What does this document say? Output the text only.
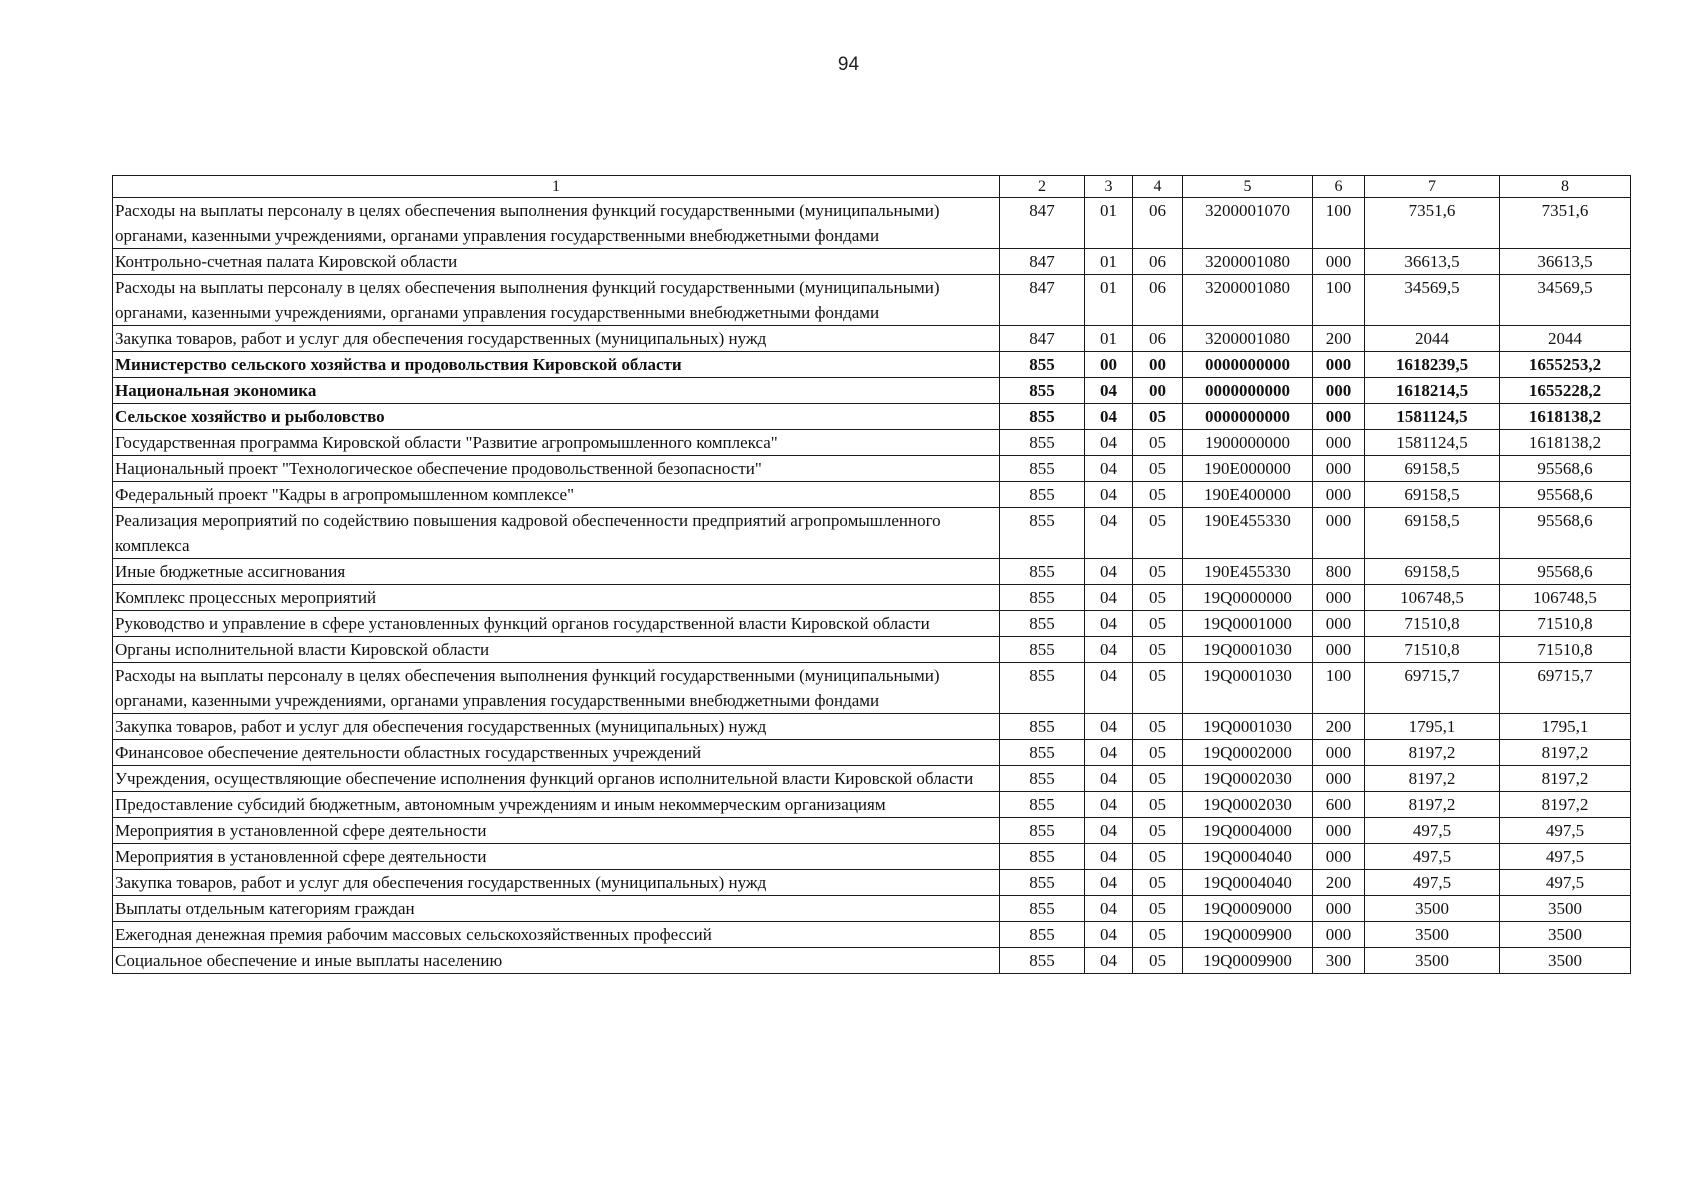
94
1	2	3	4	5	6	7	8
Расходы на выплаты персоналу в целях обеспечения выполнения функций государственными (муниципальными) органами, казенными учреждениями, органами управления государственными внебюджетными фондами	847	01	06	3200001070	100	7351,6	7351,6
Контрольно-счетная палата Кировской области	847	01	06	3200001080	000	36613,5	36613,5
Расходы на выплаты персоналу в целях обеспечения выполнения функций государственными (муниципальными) органами, казенными учреждениями, органами управления государственными внебюджетными фондами	847	01	06	3200001080	100	34569,5	34569,5
Закупка товаров, работ и услуг для обеспечения государственных (муниципальных) нужд	847	01	06	3200001080	200	2044	2044
Министерство сельского хозяйства и продовольствия Кировской области	855	00	00	0000000000	000	1618239,5	1655253,2
Национальная экономика	855	04	00	0000000000	000	1618214,5	1655228,2
Сельское хозяйство и рыболовство	855	04	05	0000000000	000	1581124,5	1618138,2
Государственная программа Кировской области "Развитие агропромышленного комплекса"	855	04	05	1900000000	000	1581124,5	1618138,2
Национальный проект "Технологическое обеспечение продовольственной безопасности"	855	04	05	190E000000	000	69158,5	95568,6
Федеральный проект "Кадры в агропромышленном комплексе"	855	04	05	190E400000	000	69158,5	95568,6
Реализация мероприятий по содействию повышения кадровой обеспеченности предприятий агропромышленного комплекса	855	04	05	190E455330	000	69158,5	95568,6
Иные бюджетные ассигнования	855	04	05	190E455330	800	69158,5	95568,6
Комплекс процессных мероприятий	855	04	05	19Q0000000	000	106748,5	106748,5
Руководство и управление в сфере установленных функций органов государственной власти Кировской области	855	04	05	19Q0001000	000	71510,8	71510,8
Органы исполнительной власти Кировской области	855	04	05	19Q0001030	000	71510,8	71510,8
Расходы на выплаты персоналу в целях обеспечения выполнения функций государственными (муниципальными) органами, казенными учреждениями, органами управления государственными внебюджетными фондами	855	04	05	19Q0001030	100	69715,7	69715,7
Закупка товаров, работ и услуг для обеспечения государственных (муниципальных) нужд	855	04	05	19Q0001030	200	1795,1	1795,1
Финансовое обеспечение деятельности областных государственных учреждений	855	04	05	19Q0002000	000	8197,2	8197,2
Учреждения, осуществляющие обеспечение исполнения функций органов исполнительной власти Кировской области	855	04	05	19Q0002030	000	8197,2	8197,2
Предоставление субсидий бюджетным, автономным учреждениям и иным некоммерческим организациям	855	04	05	19Q0002030	600	8197,2	8197,2
Мероприятия в установленной сфере деятельности	855	04	05	19Q0004000	000	497,5	497,5
Мероприятия в установленной сфере деятельности	855	04	05	19Q0004040	000	497,5	497,5
Закупка товаров, работ и услуг для обеспечения государственных (муниципальных) нужд	855	04	05	19Q0004040	200	497,5	497,5
Выплаты отдельным категориям граждан	855	04	05	19Q0009000	000	3500	3500
Ежегодная денежная премия рабочим массовых сельскохозяйственных профессий	855	04	05	19Q0009900	000	3500	3500
Социальное обеспечение и иные выплаты населению	855	04	05	19Q0009900	300	3500	3500
